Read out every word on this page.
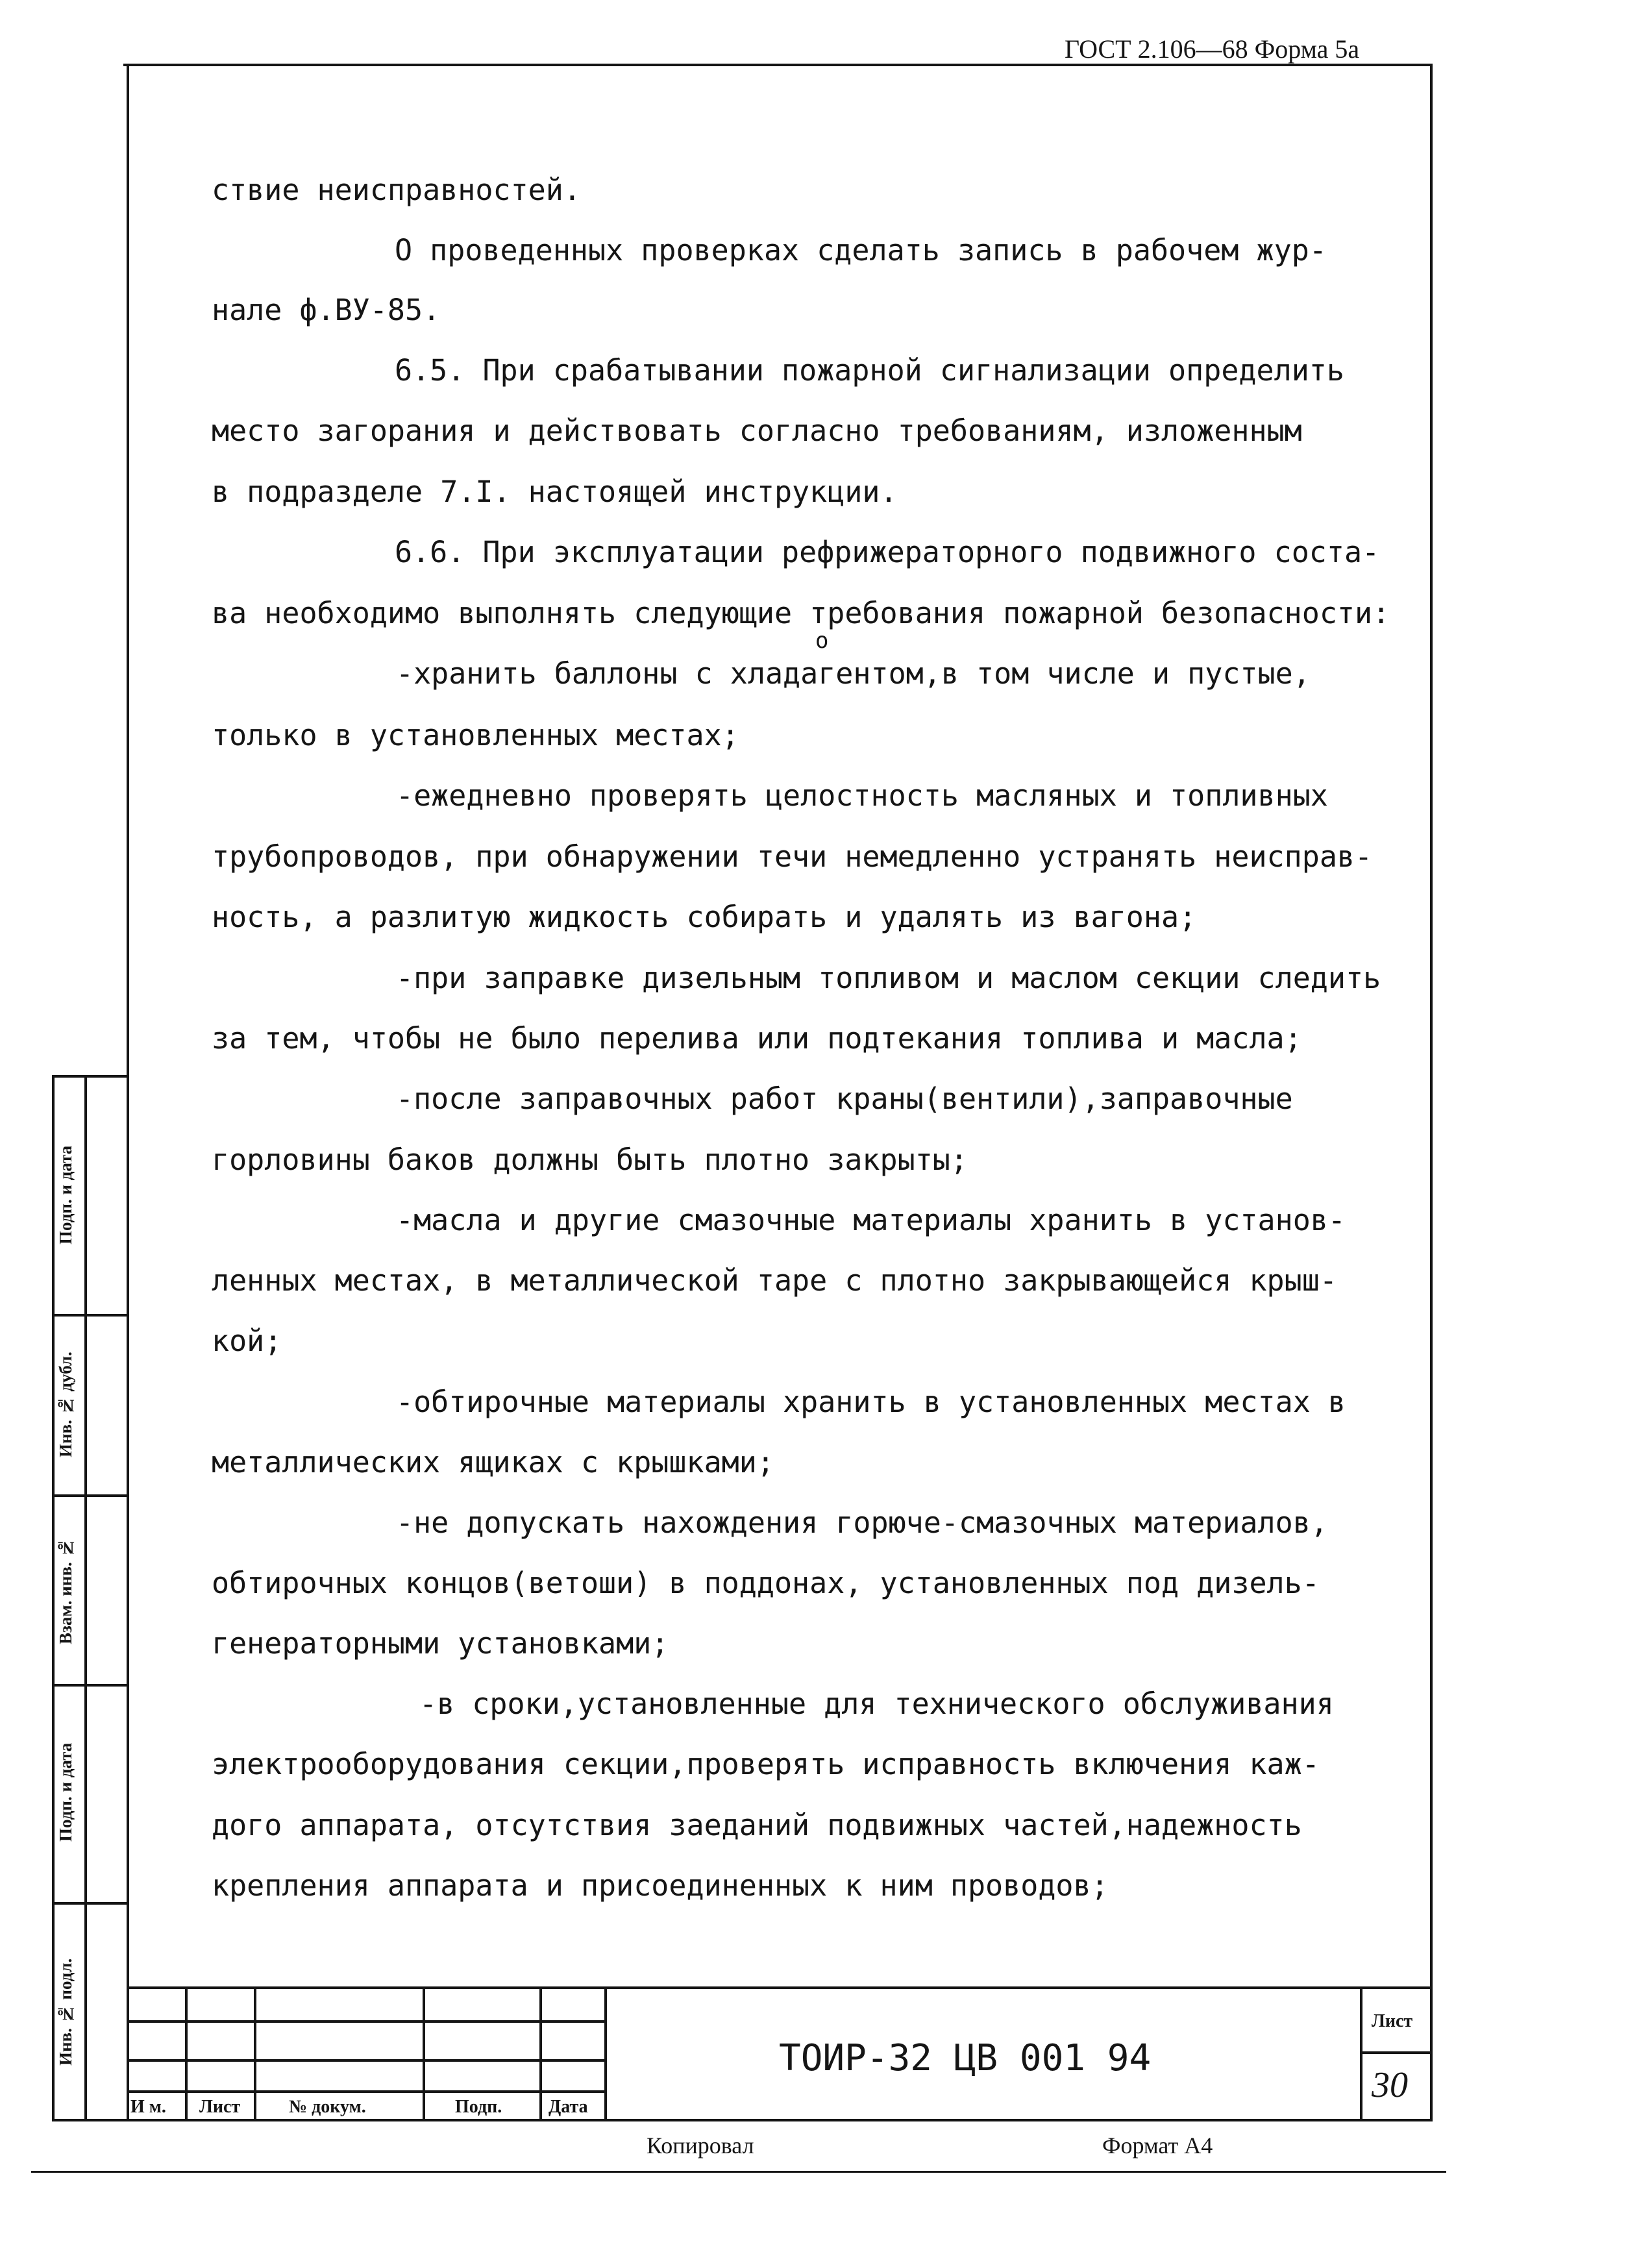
ГОСТ 2.106—68 Форма 5а
ствие неисправностей.
О проведенных проверках сделать запись в рабочем жур-
нале ф.ВУ-85.
6.5. При срабатывании пожарной сигнализации определить
место загорания и действовать согласно требованиям, изложенным
в подразделе 7.I. настоящей инструкции.
6.6. При эксплуатации рефрижераторного подвижного соста-
ва необходимо выполнять следующие требования пожарной безопасности:
о
-хранить баллоны с хладагентом,в том числе и пустые,
только в установленных местах;
-ежедневно проверять целостность масляных и топливных
трубопроводов, при обнаружении течи немедленно устранять неисправ-
ность, а разлитую жидкость собирать и удалять из вагона;
-при заправке дизельным топливом и маслом секции следить
за тем, чтобы не было перелива или подтекания топлива и масла;
-после заправочных работ краны(вентили),заправочные
горловины баков должны быть плотно закрыты;
-масла и другие смазочные материалы хранить в установ-
ленных местах, в металлической таре с плотно закрывающейся крыш-
кой;
-обтирочные материалы хранить в установленных местах в
металлических ящиках с крышками;
-не допускать нахождения горюче-смазочных материалов,
обтирочных концов(ветоши) в поддонах, установленных под дизель-
генераторными установками;
-в сроки,установленные для технического обслуживания
электрооборудования секции,проверять исправность включения каж-
дого аппарата, отсутствия заеданий подвижных частей,надежность
крепления аппарата и присоединенных к ним проводов;
Инв. № подл.
Подп. и дата
Взам. инв. №
Инв. № дубл.
Подп. и дата
И м. Лист	№ докум.	Подп.	Дата
ТОИР-32 ЦВ 001 94
Лист
30
Копировал	Формат А4
